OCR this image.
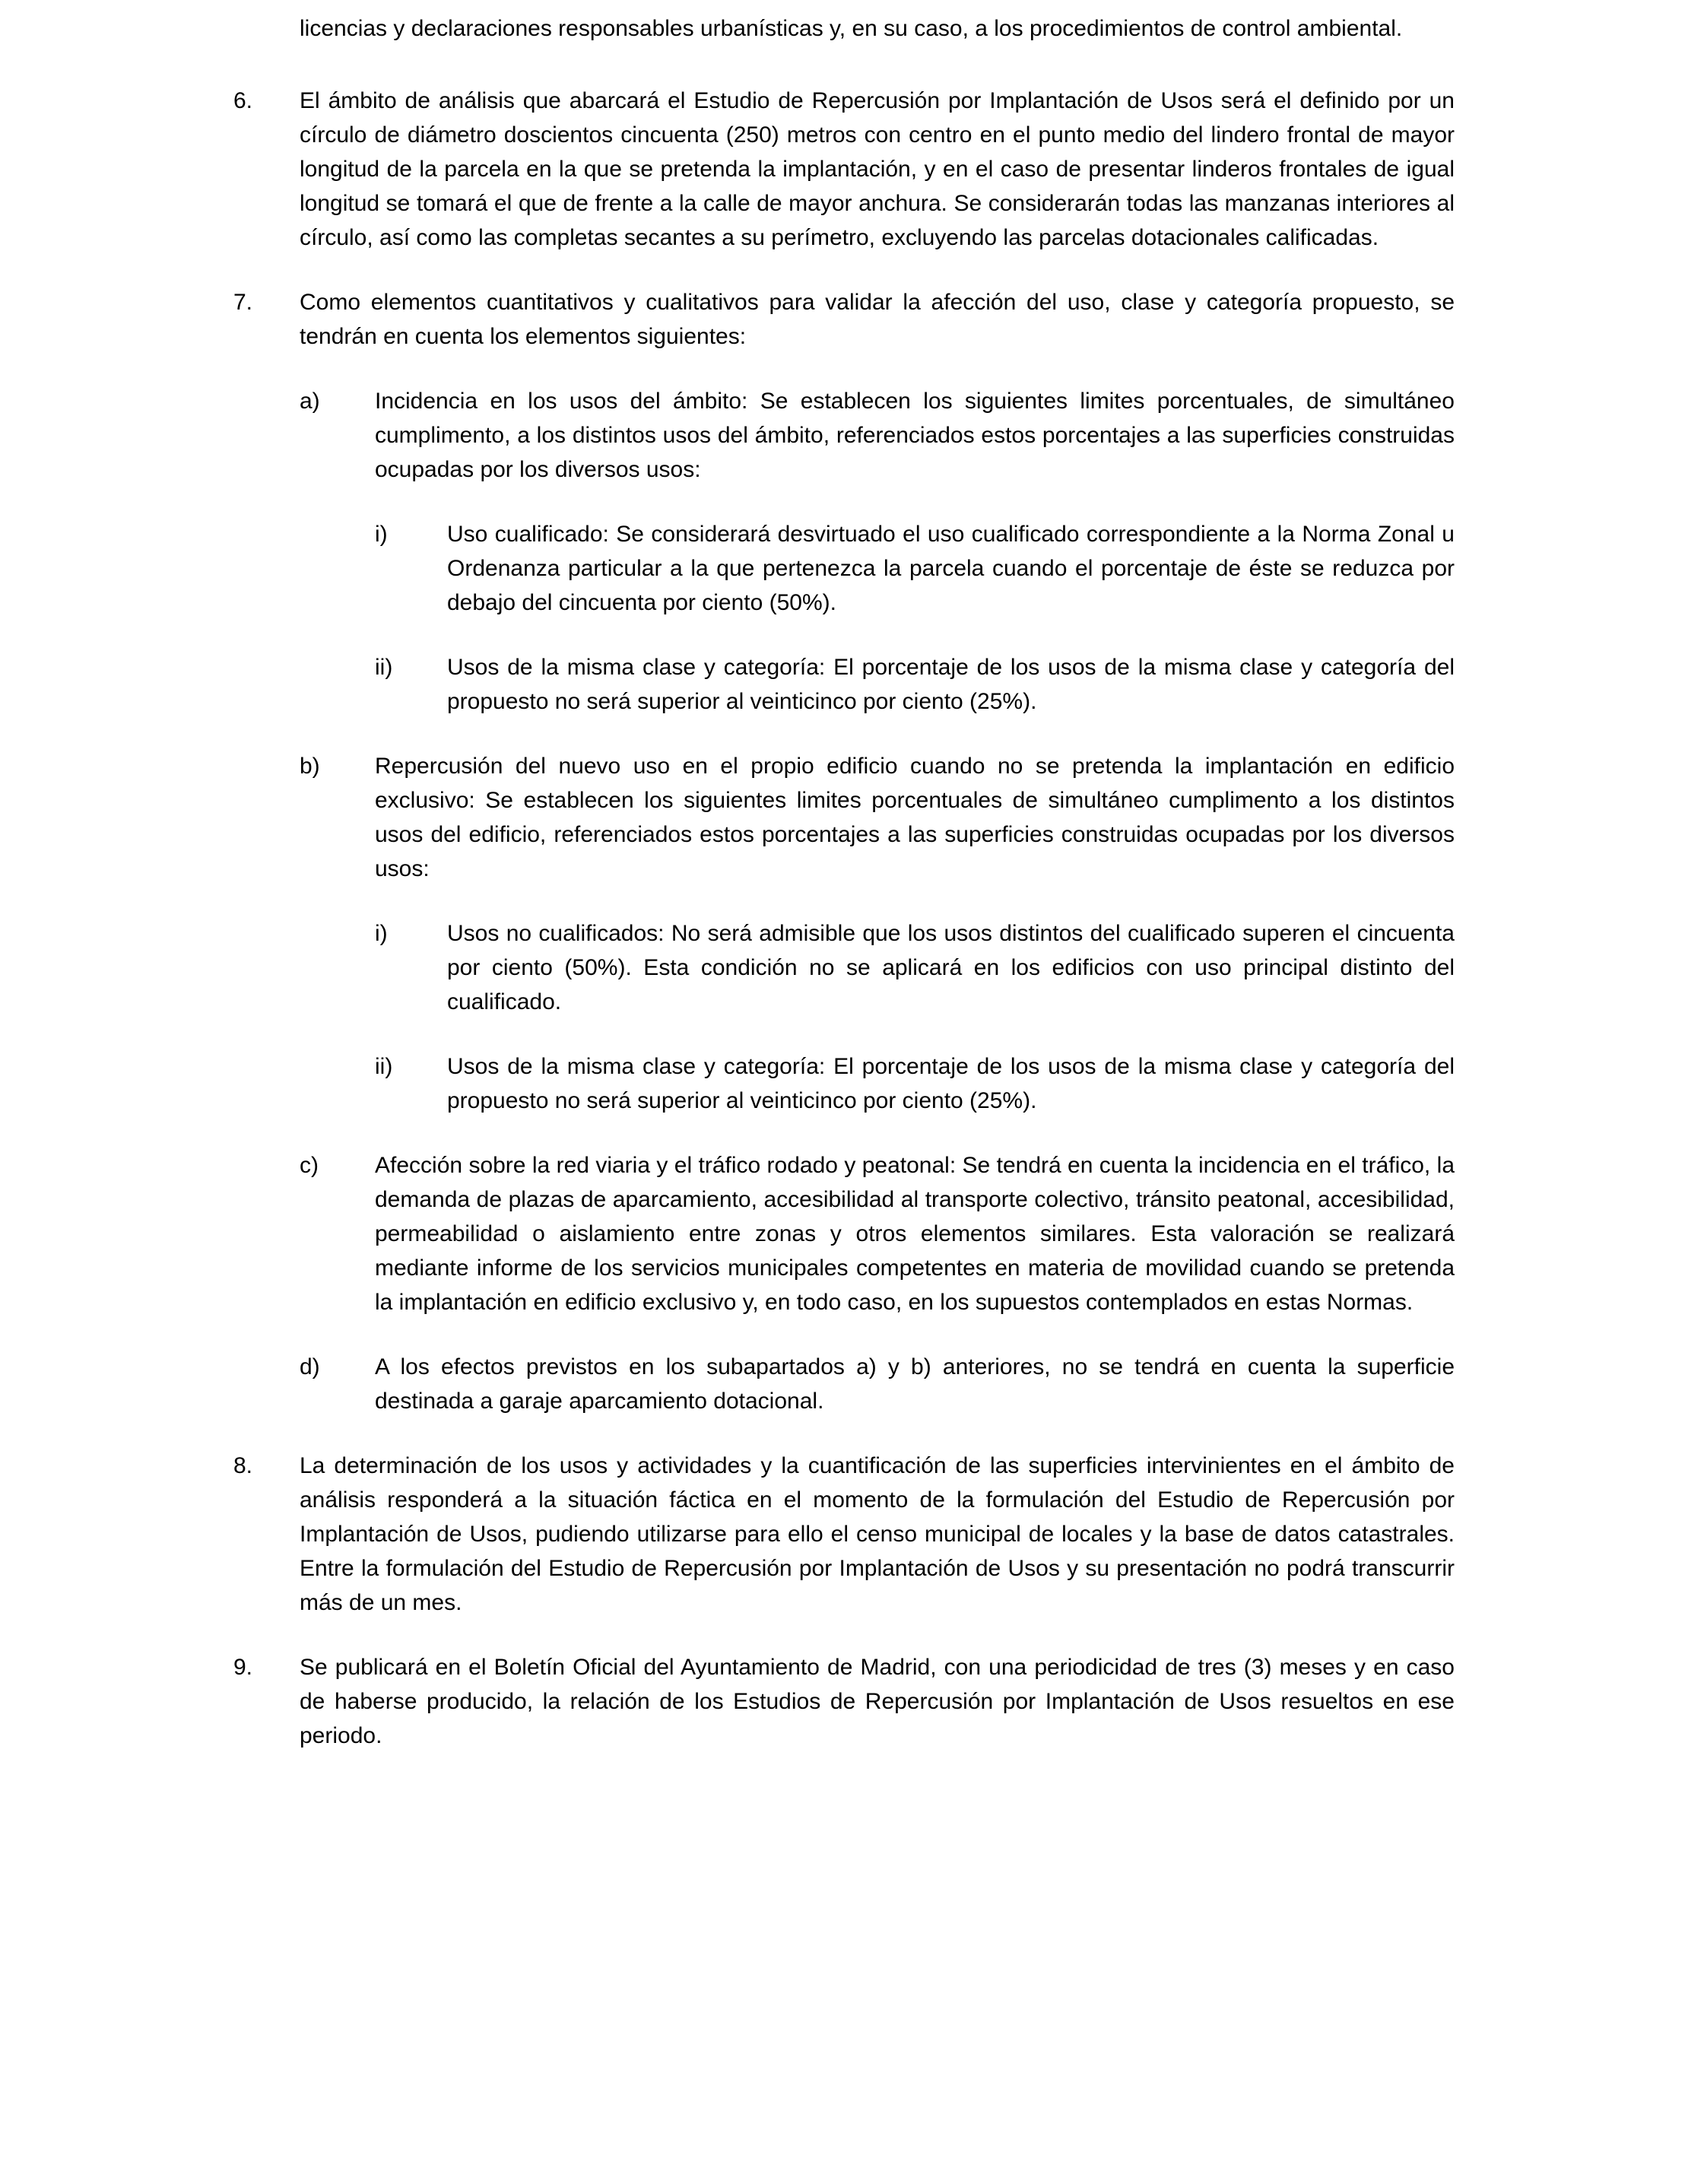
licencias y declaraciones responsables urbanísticas y, en su caso, a los procedimientos de control ambiental.

6.	El ámbito de análisis que abarcará el Estudio de Repercusión por Implantación de Usos será el definido por un círculo de diámetro doscientos cincuenta (250) metros con centro en el punto medio del lindero frontal de mayor longitud de la parcela en la que se pretenda la implantación, y en el caso de presentar linderos frontales de igual longitud se tomará el que de frente a la calle de mayor anchura. Se considerarán todas las manzanas interiores al círculo, así como las completas secantes a su perímetro, excluyendo las parcelas dotacionales calificadas.

7.	Como elementos cuantitativos y cualitativos para validar la afección del uso, clase y categoría propuesto, se tendrán en cuenta los elementos siguientes:

a)	Incidencia en los usos del ámbito: Se establecen los siguientes limites porcentuales, de simultáneo cumplimento, a los distintos usos del ámbito, referenciados estos porcentajes a las superficies construidas ocupadas por los diversos usos:

i)	Uso cualificado: Se considerará desvirtuado el uso cualificado correspondiente a la Norma Zonal u Ordenanza particular a la que pertenezca la parcela cuando el porcentaje de éste se reduzca por debajo del cincuenta por ciento (50%).

ii)	Usos de la misma clase y categoría: El porcentaje de los usos de la misma clase y categoría del propuesto no será superior al veinticinco por ciento (25%).

b)	Repercusión del nuevo uso en el propio edificio cuando no se pretenda la implantación en edificio exclusivo: Se establecen los siguientes limites porcentuales de simultáneo cumplimento a los distintos usos del edificio, referenciados estos porcentajes a las superficies construidas ocupadas por los diversos usos:

i)	Usos no cualificados: No será admisible que los usos distintos del cualificado superen el cincuenta por ciento (50%). Esta condición no se aplicará en los edificios con uso principal distinto del cualificado.

ii)	Usos de la misma clase y categoría: El porcentaje de los usos de la misma clase y categoría del propuesto no será superior al veinticinco por ciento (25%).

c)	Afección sobre la red viaria y el tráfico rodado y peatonal: Se tendrá en cuenta la incidencia en el tráfico, la demanda de plazas de aparcamiento, accesibilidad al transporte colectivo, tránsito peatonal, accesibilidad, permeabilidad o aislamiento entre zonas y otros elementos similares. Esta valoración se realizará mediante informe de los servicios municipales competentes en materia de movilidad cuando se pretenda la implantación en edificio exclusivo y, en todo caso, en los supuestos contemplados en estas Normas.

d)	A los efectos previstos en los subapartados a) y b) anteriores, no se tendrá en cuenta la superficie destinada a garaje aparcamiento dotacional.

8.	La determinación de los usos y actividades y la cuantificación de las superficies intervinientes en el ámbito de análisis responderá a la situación fáctica en el momento de la formulación del Estudio de Repercusión por Implantación de Usos, pudiendo utilizarse para ello el censo municipal de locales y la base de datos catastrales. Entre la formulación del Estudio de Repercusión por Implantación de Usos y su presentación no podrá transcurrir más de un mes.

9.	Se publicará en el Boletín Oficial del Ayuntamiento de Madrid, con una periodicidad de tres (3) meses y en caso de haberse producido, la relación de los Estudios de Repercusión por Implantación de Usos resueltos en ese periodo.
